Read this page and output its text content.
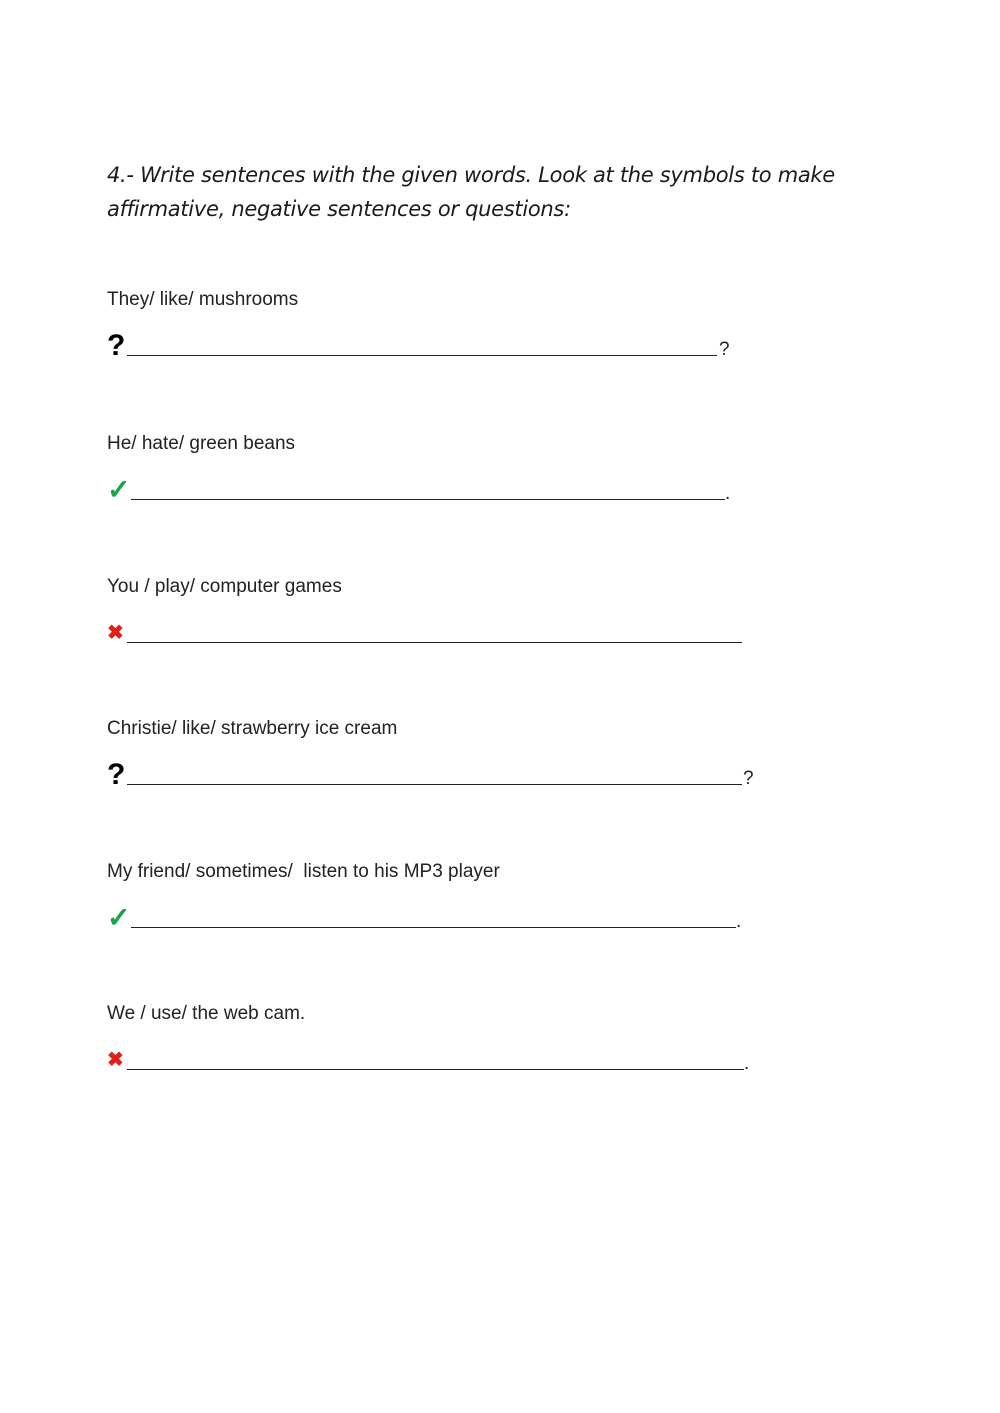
4.- Write sentences with the given words. Look at the symbols to make affirmative, negative sentences or questions:

They/ like/ mushrooms
?	?
He/ hate/ green beans
✓	.
You / play/ computer games
✖
Christie/ like/ strawberry ice cream
?	?
My friend/ sometimes/  listen to his MP3 player
✓	.
We / use/ the web cam.
✖	.
